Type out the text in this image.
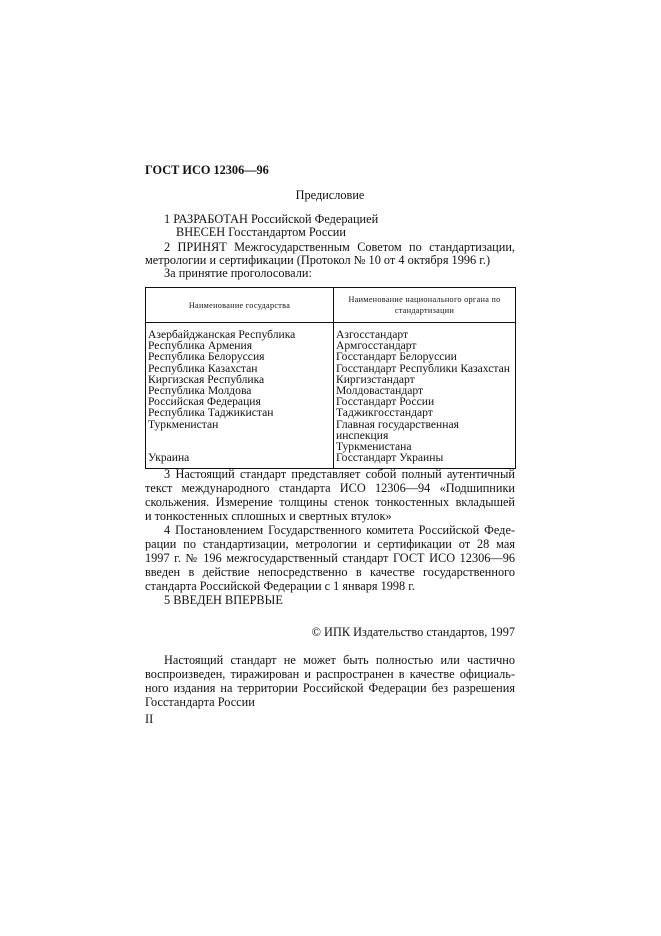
ГОСТ ИСО 12306—96
Предисловие
1 РАЗРАБОТАН Российской Федерацией
ВНЕСЕН Госстандартом России
2 ПРИНЯТ Межгосударственным Советом по стандартизации,
метрологии и сертификации (Протокол № 10 от 4 октября 1996 г.)
За принятие проголосовали:
Наименование государства	Наименование национального органа по
стандартизации

Азербайджанская Республика	Азгосстандарт
Республика Армения	Армгосстандарт
Республика Белоруссия	Госстандарт Белоруссии
Республика Казахстан	Госстандарт Республики Казахстан
Киргизская Республика	Киргизстандарт
Республика Молдова	Молдовастандарт
Российская Федерация	Госстандарт России
Республика Таджикистан	Таджикгосстандарт
Туркменистан	Главная государственная инспекция
	Туркменистана
Украина	Госстандарт Украины
3 Настоящий стандарт представляет собой полный аутентичный
текст международного стандарта ИСО 12306—94 «Подшипники
скольжения. Измерение толщины стенок тонкостенных вкладышей
и тонкостенных сплошных и свертных втулок»
4 Постановлением Государственного комитета Российской Феде-
рации по стандартизации, метрологии и сертификации от 28 мая
1997 г. № 196 межгосударственный стандарт ГОСТ ИСО 12306—96
введен в действие непосредственно в качестве государственного
стандарта Российской Федерации с 1 января 1998 г.
5 ВВЕДЕН ВПЕРВЫЕ
© ИПК Издательство стандартов, 1997
Настоящий стандарт не может быть полностью или частично
воспроизведен, тиражирован и распространен в качестве официаль-
ного издания на территории Российской Федерации без разрешения
Госстандарта России
II
